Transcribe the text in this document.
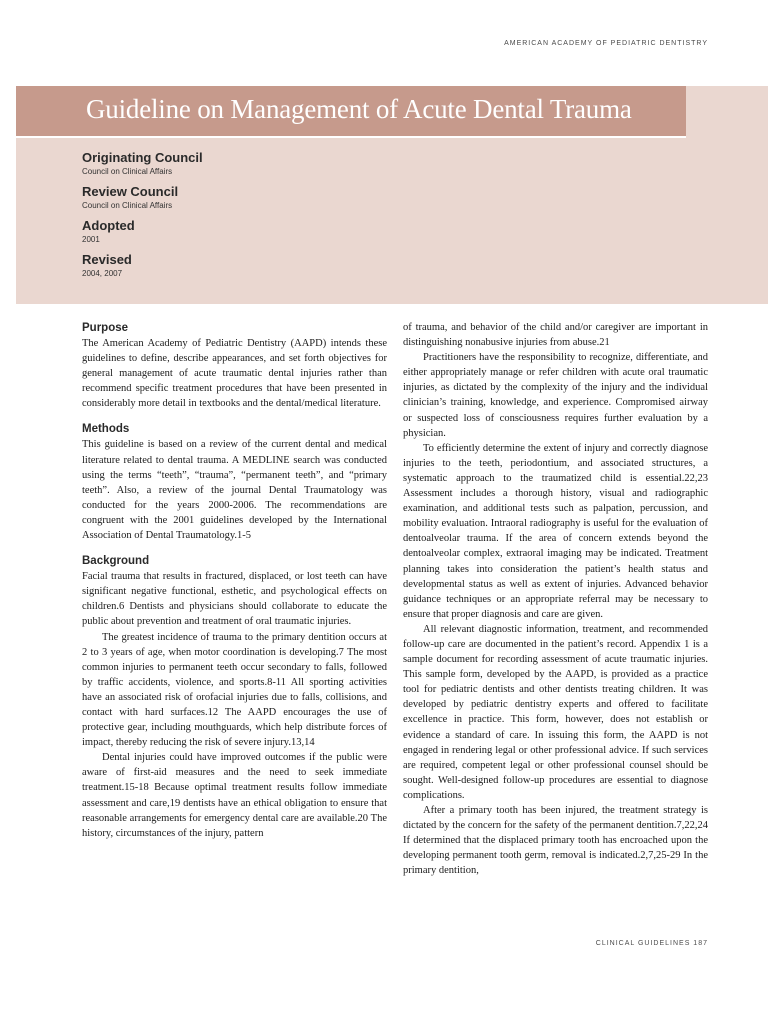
AMERICAN ACADEMY OF PEDIATRIC DENTISTRY
Guideline on Management of Acute Dental Trauma
Originating Council
Council on Clinical Affairs
Review Council
Council on Clinical Affairs
Adopted
2001
Revised
2004, 2007
Purpose

The American Academy of Pediatric Dentistry (AAPD) intends these guidelines to define, describe appearances, and set forth objectives for general management of acute traumatic dental injuries rather than recommend specific treatment procedures that have been presented in considerably more detail in textbooks and the dental/medical literature.

Methods

This guideline is based on a review of the current dental and medical literature related to dental trauma. A MEDLINE search was conducted using the terms “teeth”, “trauma”, “permanent teeth”, and “primary teeth”. Also, a review of the journal Dental Traumatology was conducted for the years 2000-2006. The recommendations are congruent with the 2001 guidelines developed by the International Association of Dental Traumatology.1-5

Background

Facial trauma that results in fractured, displaced, or lost teeth can have significant negative functional, esthetic, and psychological effects on children.6 Dentists and physicians should collaborate to educate the public about prevention and treatment of oral traumatic injuries.

The greatest incidence of trauma to the primary dentition occurs at 2 to 3 years of age, when motor coordination is developing.7 The most common injuries to permanent teeth occur secondary to falls, followed by traffic accidents, violence, and sports.8-11 All sporting activities have an associated risk of orofacial injuries due to falls, collisions, and contact with hard surfaces.12 The AAPD encourages the use of protective gear, including mouthguards, which help distribute forces of impact, thereby reducing the risk of severe injury.13,14

Dental injuries could have improved outcomes if the public were aware of first-aid measures and the need to seek immediate treatment.15-18 Because optimal treatment results follow immediate assessment and care,19 dentists have an ethical obligation to ensure that reasonable arrangements for emergency dental care are available.20 The history, circumstances of the injury, pattern

of trauma, and behavior of the child and/or caregiver are important in distinguishing nonabusive injuries from abuse.21

Practitioners have the responsibility to recognize, differentiate, and either appropriately manage or refer children with acute oral traumatic injuries, as dictated by the complexity of the injury and the individual clinician’s training, knowledge, and experience. Compromised airway or suspected loss of consciousness requires further evaluation by a physician.

To efficiently determine the extent of injury and correctly diagnose injuries to the teeth, periodontium, and associated structures, a systematic approach to the traumatized child is essential.22,23 Assessment includes a thorough history, visual and radiographic examination, and additional tests such as palpation, percussion, and mobility evaluation. Intraoral radiography is useful for the evaluation of dentoalveolar trauma. If the area of concern extends beyond the dentoalveolar complex, extraoral imaging may be indicated. Treatment planning takes into consideration the patient’s health status and developmental status as well as extent of injuries. Advanced behavior guidance techniques or an appropriate referral may be necessary to ensure that proper diagnosis and care are given.

All relevant diagnostic information, treatment, and recommended follow-up care are documented in the patient’s record. Appendix 1 is a sample document for recording assessment of acute traumatic injuries. This sample form, developed by the AAPD, is provided as a practice tool for pediatric dentists and other dentists treating children. It was developed by pediatric dentistry experts and offered to facilitate excellence in practice. This form, however, does not establish or evidence a standard of care. In issuing this form, the AAPD is not engaged in rendering legal or other professional advice. If such services are required, competent legal or other professional counsel should be sought. Well-designed follow-up procedures are essential to diagnose complications.

After a primary tooth has been injured, the treatment strategy is dictated by the concern for the safety of the permanent dentition.7,22,24 If determined that the displaced primary tooth has encroached upon the developing permanent tooth germ, removal is indicated.2,7,25-29 In the primary dentition,

CLINICAL GUIDELINES 187
